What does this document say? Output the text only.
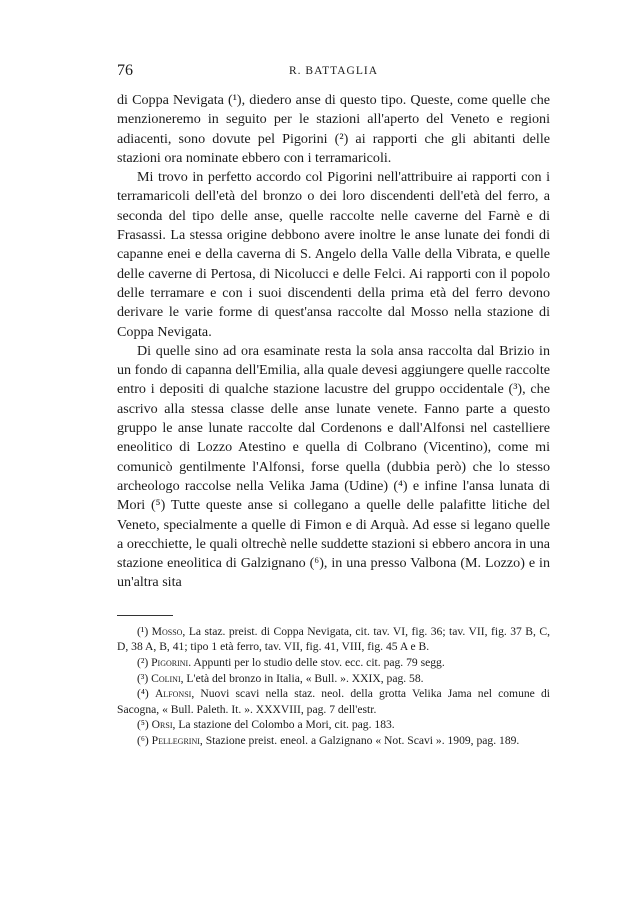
76	R. BATTAGLIA

di Coppa Nevigata (¹), diedero anse di questo tipo. Queste, come quelle che menzioneremo in seguito per le stazioni all'aperto del Veneto e regioni adiacenti, sono dovute pel Pigorini (²) ai rapporti che gli abitanti delle stazioni ora nominate ebbero con i terramaricoli.

Mi trovo in perfetto accordo col Pigorini nell'attribuire ai rapporti con i terramaricoli dell'età del bronzo o dei loro discendenti dell'età del ferro, a seconda del tipo delle anse, quelle raccolte nelle caverne del Farnè e di Frasassi. La stessa origine debbono avere inoltre le anse lunate dei fondi di capanne enei e della caverna di S. Angelo della Valle della Vibrata, e quelle delle caverne di Pertosa, di Nicolucci e delle Felci. Ai rapporti con il popolo delle terramare e con i suoi discendenti della prima età del ferro devono derivare le varie forme di quest'ansa raccolte dal Mosso nella stazione di Coppa Nevigata.

Di quelle sino ad ora esaminate resta la sola ansa raccolta dal Brizio in un fondo di capanna dell'Emilia, alla quale devesi aggiungere quelle raccolte entro i depositi di qualche stazione lacustre del gruppo occidentale (³), che ascrivo alla stessa classe delle anse lunate venete. Fanno parte a questo gruppo le anse lunate raccolte dal Cordenons e dall'Alfonsi nel castelliere eneolitico di Lozzo Atestino e quella di Colbrano (Vicentino), come mi comunicò gentilmente l'Alfonsi, forse quella (dubbia però) che lo stesso archeologo raccolse nella Velika Jama (Udine) (⁴) e infine l'ansa lunata di Mori (⁵) Tutte queste anse si collegano a quelle delle palafitte litiche del Veneto, specialmente a quelle di Fimon e di Arquà. Ad esse si legano quelle a orecchiette, le quali oltrechè nelle suddette stazioni si ebbero ancora in una stazione eneolitica di Galzignano (⁶), in una presso Valbona (M. Lozzo) e in un'altra sita

(¹) Mosso, La staz. preist. di Coppa Nevigata, cit. tav. VI, fig. 36; tav. VII, fig. 37 B, C, D, 38 A, B, 41; tipo 1 età ferro, tav. VII, fig. 41, VIII, fig. 45 A e B.

(²) Pigorini. Appunti per lo studio delle stov. ecc. cit. pag. 79 segg.

(³) Colini, L'età del bronzo in Italia, « Bull. ». XXIX, pag. 58.

(⁴) Alfonsi, Nuovi scavi nella staz. neol. della grotta Velika Jama nel comune di Sacogna, « Bull. Paleth. It. ». XXXVIII, pag. 7 dell'estr.

(⁵) Orsi, La stazione del Colombo a Mori, cit. pag. 183.

(⁶) Pellegrini, Stazione preist. eneol. a Galzignano « Not. Scavi ». 1909, pag. 189.
